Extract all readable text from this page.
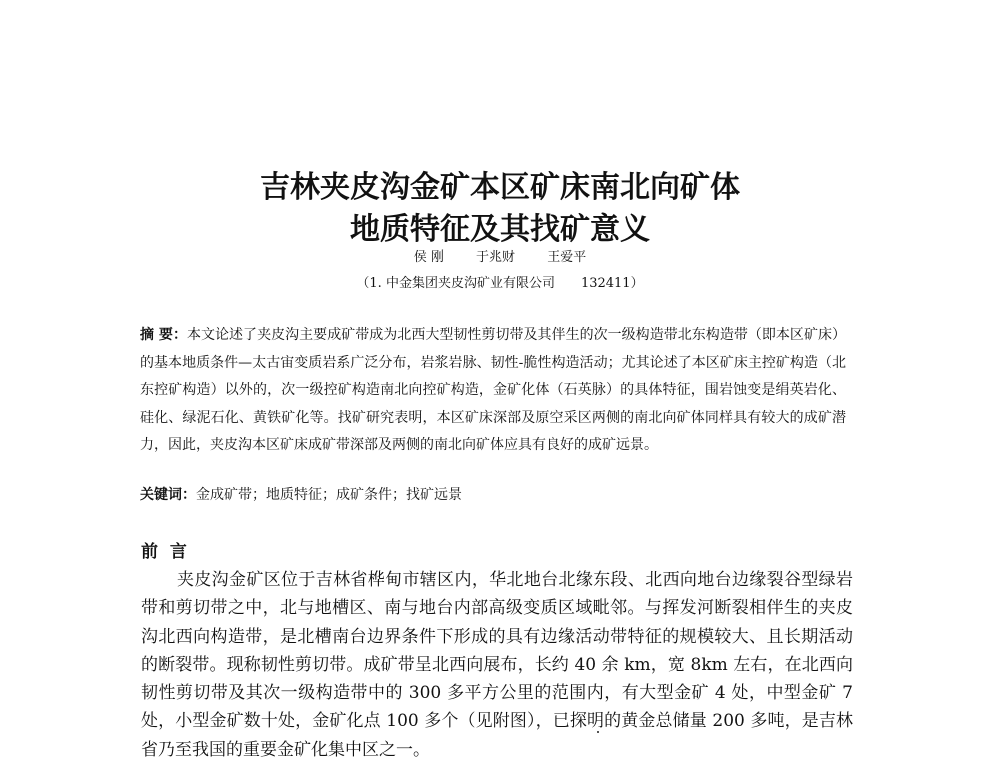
吉林夹皮沟金矿本区矿床南北向矿体
地质特征及其找矿意义
侯 刚 于兆财 王爱平
（1. 中金集团夹皮沟矿业有限公司 132411）

摘 要：本文论述了夹皮沟主要成矿带成为北西大型韧性剪切带及其伴生的次一级构造带北东构造带（即本区矿床）的基本地质条件—太古宙变质岩系广泛分布，岩浆岩脉、韧性-脆性构造活动；尤其论述了本区矿床主控矿构造（北东控矿构造）以外的，次一级控矿构造南北向控矿构造，金矿化体（石英脉）的具体特征，围岩蚀变是绢英岩化、硅化、绿泥石化、黄铁矿化等。找矿研究表明，本区矿床深部及原空采区两侧的南北向矿体同样具有较大的成矿潜力，因此，夹皮沟本区矿床成矿带深部及两侧的南北向矿体应具有良好的成矿远景。

关键词：金成矿带；地质特征；成矿条件；找矿远景

前 言

夹皮沟金矿区位于吉林省桦甸市辖区内，华北地台北缘东段、北西向地台边缘裂谷型绿岩带和剪切带之中，北与地槽区、南与地台内部高级变质区域毗邻。与挥发河断裂相伴生的夹皮沟北西向构造带，是北槽南台边界条件下形成的具有边缘活动带特征的规模较大、且长期活动的断裂带。现称韧性剪切带。成矿带呈北西向展布，长约 40 余 km，宽 8km 左右，在北西向韧性剪切带及其次一级构造带中的 300 多平方公里的范围内，有大型金矿 4 处，中型金矿 7 处，小型金矿数十处，金矿化点 100 多个（见附图），已探明的黄金总储量 200 多吨，是吉林省乃至我国的重要金矿化集中区之一。
